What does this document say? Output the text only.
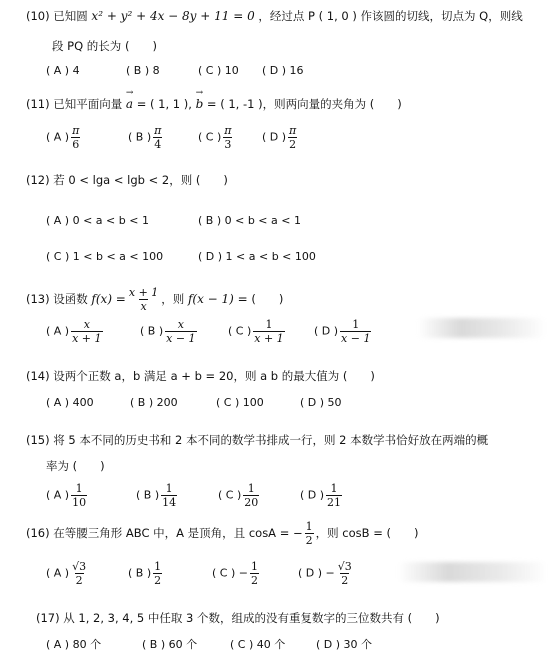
(10) 已知圆 x² + y² + 4x − 8y + 11 = 0 ，经过点 P ( 1, 0 ) 作该圆的切线，切点为 Q，则线
段 PQ 的长为 (　　)
( A ) 4	( B ) 8	( C ) 10 ( D ) 16
(11) 已知平面向量 → a = ( 1, 1 ), → b = ( 1, -1 )，则两向量的夹角为 (　　)
( A ) $\frac{\pi}{6}$	( B ) $\frac{\pi}{4}$	( C ) $\frac{\pi}{3}$	( D ) $\frac{\pi}{2}$
(12) 若 0 < lga < lgb < 2，则 (　　)
( A ) 0 < a < b < 1	( B ) 0 < b < a < 1
( C ) 1 < b < a < 100	( D ) 1 < a < b < 100
(13) 设函数 $f(x) = \frac{x + 1}{x}$ ，则 f(x − 1) = (　　)
( A ) $\frac{x}{x + 1}$	( B ) $\frac{x}{x - 1}$	( C ) $\frac{1}{x + 1}$	( D ) $\frac{1}{x - 1}$
(14) 设两个正数 a，b 满足 a + b = 20，则 a b 的最大值为 (　　)
( A ) 400	( B ) 200	( C ) 100	( D ) 50
(15) 将 5 本不同的历史书和 2 本不同的数学书排成一行，则 2 本数学书恰好放在两端的概
率为 (　　)
( A ) $\frac{1}{10}$	( B ) $\frac{1}{14}$	( C ) $\frac{1}{20}$	( D ) $\frac{1}{21}$
(16) 在等腰三角形 ABC 中，A 是顶角，且 cosA = − $\frac{1}{2}$ ，则 cosB = (　　)
( A ) $\frac{√3}{2}$	( B ) $\frac{1}{2}$	( C ) − $\frac{1}{2}$	( D ) − $\frac{√3}{2}$
(17) 从 1, 2, 3, 4, 5 中任取 3 个数，组成的没有重复数字的三位数共有 (　　)
( A ) 80 个	( B ) 60 个	( C ) 40 个	( D ) 30 个
